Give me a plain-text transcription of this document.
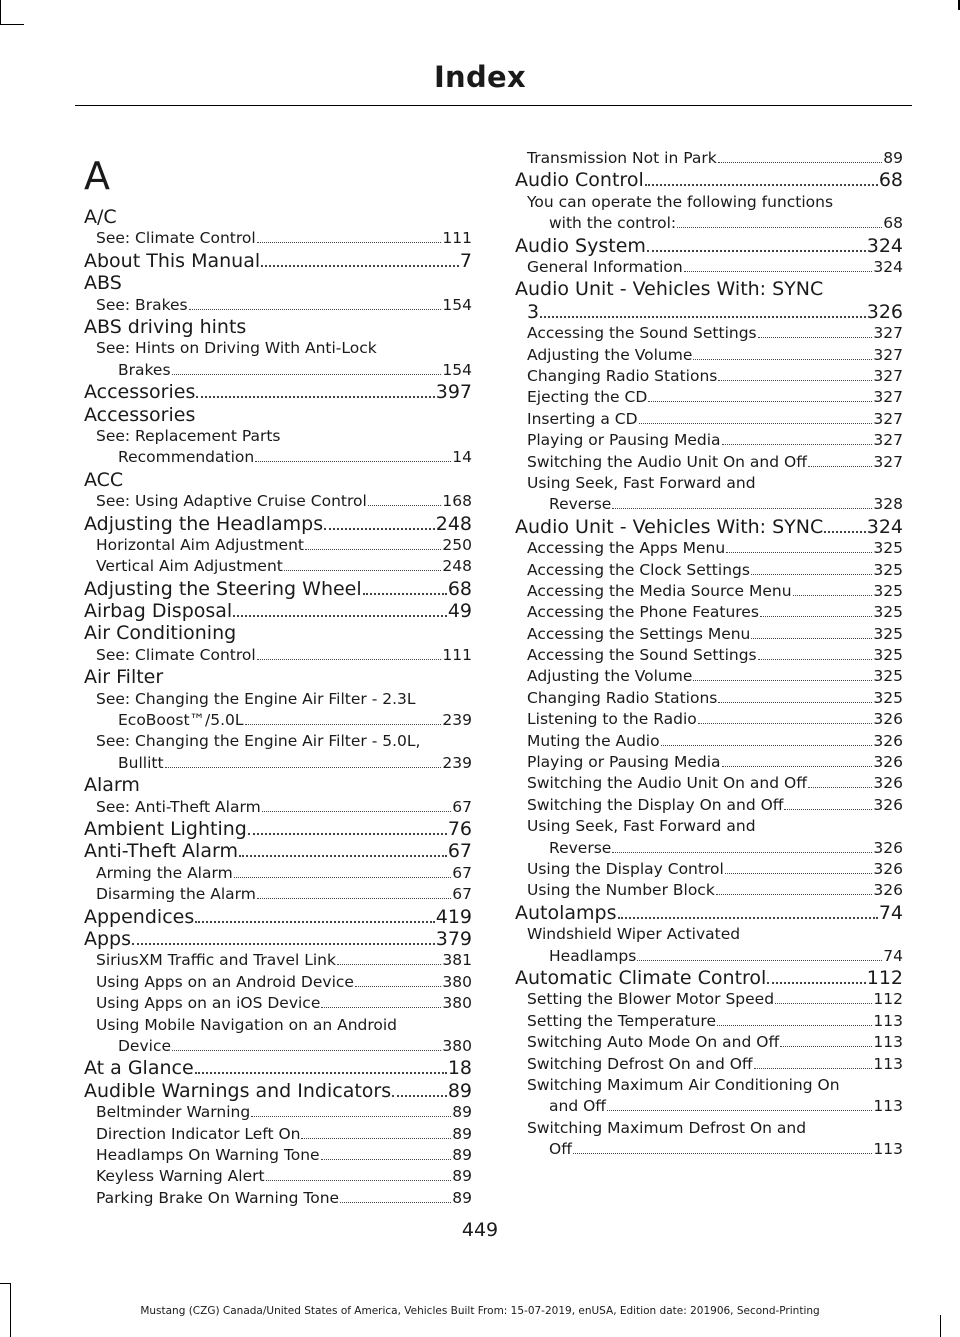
Index
A
A/C
See: Climate Control	111
About This Manual	7
ABS
See: Brakes	154
ABS driving hints
See: Hints on Driving With Anti-Lock
Brakes	154
Accessories	397
Accessories
See: Replacement Parts
Recommendation	14
ACC
See: Using Adaptive Cruise Control	168
Adjusting the Headlamps	248
Horizontal Aim Adjustment	250
Vertical Aim Adjustment	248
Adjusting the Steering Wheel	68
Airbag Disposal	49
Air Conditioning
See: Climate Control	111
Air Filter
See: Changing the Engine Air Filter - 2.3L
EcoBoost™/5.0L	239
See: Changing the Engine Air Filter - 5.0L,
Bullitt	239
Alarm
See: Anti-Theft Alarm	67
Ambient Lighting	76
Anti-Theft Alarm	67
Arming the Alarm	67
Disarming the Alarm	67
Appendices	419
Apps	379
SiriusXM Traffic and Travel Link	381
Using Apps on an Android Device	380
Using Apps on an iOS Device	380
Using Mobile Navigation on an Android
Device	380
At a Glance	18
Audible Warnings and Indicators	89
Beltminder Warning	89
Direction Indicator Left On	89
Headlamps On Warning Tone	89
Keyless Warning Alert	89
Parking Brake On Warning Tone	89
Transmission Not in Park	89
Audio Control	68
You can operate the following functions
with the control:	68
Audio System	324
General Information	324
Audio Unit - Vehicles With: SYNC
3	326
Accessing the Sound Settings	327
Adjusting the Volume	327
Changing Radio Stations	327
Ejecting the CD	327
Inserting a CD	327
Playing or Pausing Media	327
Switching the Audio Unit On and Off	327
Using Seek, Fast Forward and
Reverse	328
Audio Unit - Vehicles With: SYNC 324
Accessing the Apps Menu	325
Accessing the Clock Settings	325
Accessing the Media Source Menu	325
Accessing the Phone Features	325
Accessing the Settings Menu	325
Accessing the Sound Settings	325
Adjusting the Volume	325
Changing Radio Stations	325
Listening to the Radio	326
Muting the Audio	326
Playing or Pausing Media	326
Switching the Audio Unit On and Off	326
Switching the Display On and Off	326
Using Seek, Fast Forward and
Reverse	326
Using the Display Control	326
Using the Number Block	326
Autolamps	74
Windshield Wiper Activated
Headlamps	74
Automatic Climate Control	112
Setting the Blower Motor Speed	112
Setting the Temperature	113
Switching Auto Mode On and Off	113
Switching Defrost On and Off	113
Switching Maximum Air Conditioning On
and Off	113
Switching Maximum Defrost On and
Off	113
449
Mustang (CZG) Canada/United States of America, Vehicles Built From: 15-07-2019, enUSA, Edition date: 201906, Second-Printing
